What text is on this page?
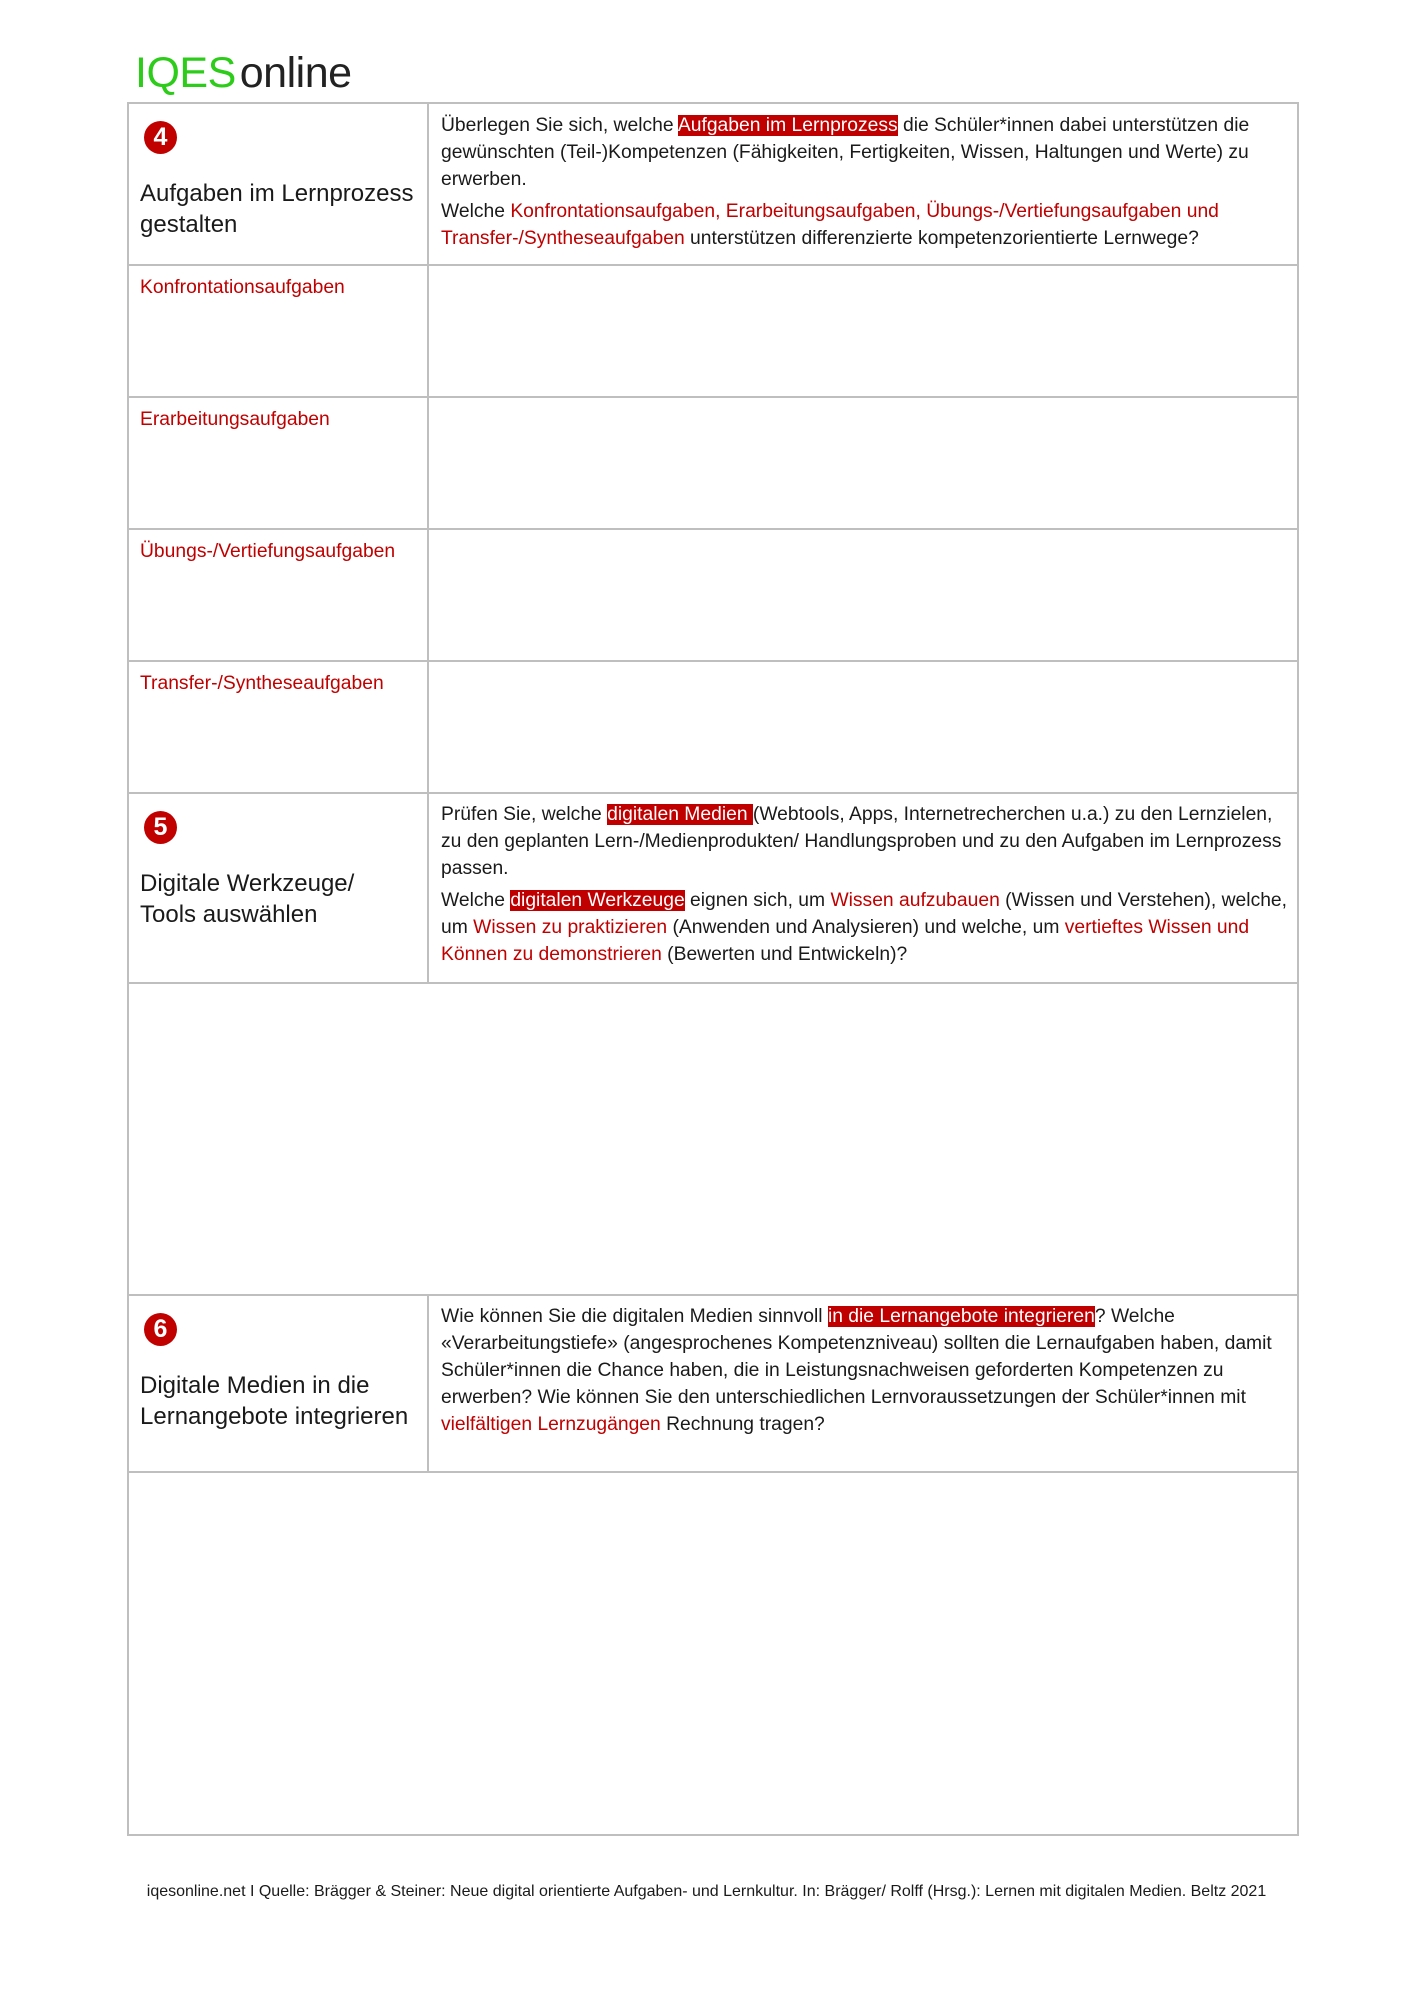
IQESonline
4
Aufgaben im Lernprozess gestalten

Überlegen Sie sich, welche Aufgaben im Lernprozess die Schüler*innen dabei unterstützen die gewünschten (Teil-)Kompetenzen (Fähigkeiten, Fertigkeiten, Wissen, Haltungen und Werte) zu erwerben.

Welche Konfrontationsaufgaben, Erarbeitungsaufgaben, Übungs-/Vertiefungsaufgaben und Transfer-/Syntheseaufgaben unterstützen differenzierte kompetenzorientierte Lernwege?

Konfrontationsaufgaben
Erarbeitungsaufgaben
Übungs-/Vertiefungsaufgaben
Transfer-/Syntheseaufgaben
5
Digitale Werkzeuge/ Tools auswählen

Prüfen Sie, welche digitalen Medien (Webtools, Apps, Internetrecherchen u.a.) zu den Lernzielen, zu den geplanten Lern-/Medienprodukten/ Handlungsproben und zu den Aufgaben im Lernprozess passen.

Welche digitalen Werkzeuge eignen sich, um Wissen aufzubauen (Wissen und Verstehen), welche, um Wissen zu praktizieren (Anwenden und Analysieren) und welche, um vertieftes Wissen und Können zu demonstrieren (Bewerten und Entwickeln)?

6
Digitale Medien in die Lernangebote integrieren

Wie können Sie die digitalen Medien sinnvoll in die Lernangebote integrieren? Welche «Verarbeitungstiefe» (angesprochenes Kompetenzniveau) sollten die Lernaufgaben haben, damit Schüler*innen die Chance haben, die in Leistungsnachweisen geforderten Kompetenzen zu erwerben? Wie können Sie den unterschiedlichen Lernvoraussetzungen der Schüler*innen mit vielfältigen Lernzugängen Rechnung tragen?

iqesonline.net I Quelle: Brägger & Steiner: Neue digital orientierte Aufgaben- und Lernkultur. In: Brägger/ Rolff (Hrsg.): Lernen mit digitalen Medien. Beltz 2021
